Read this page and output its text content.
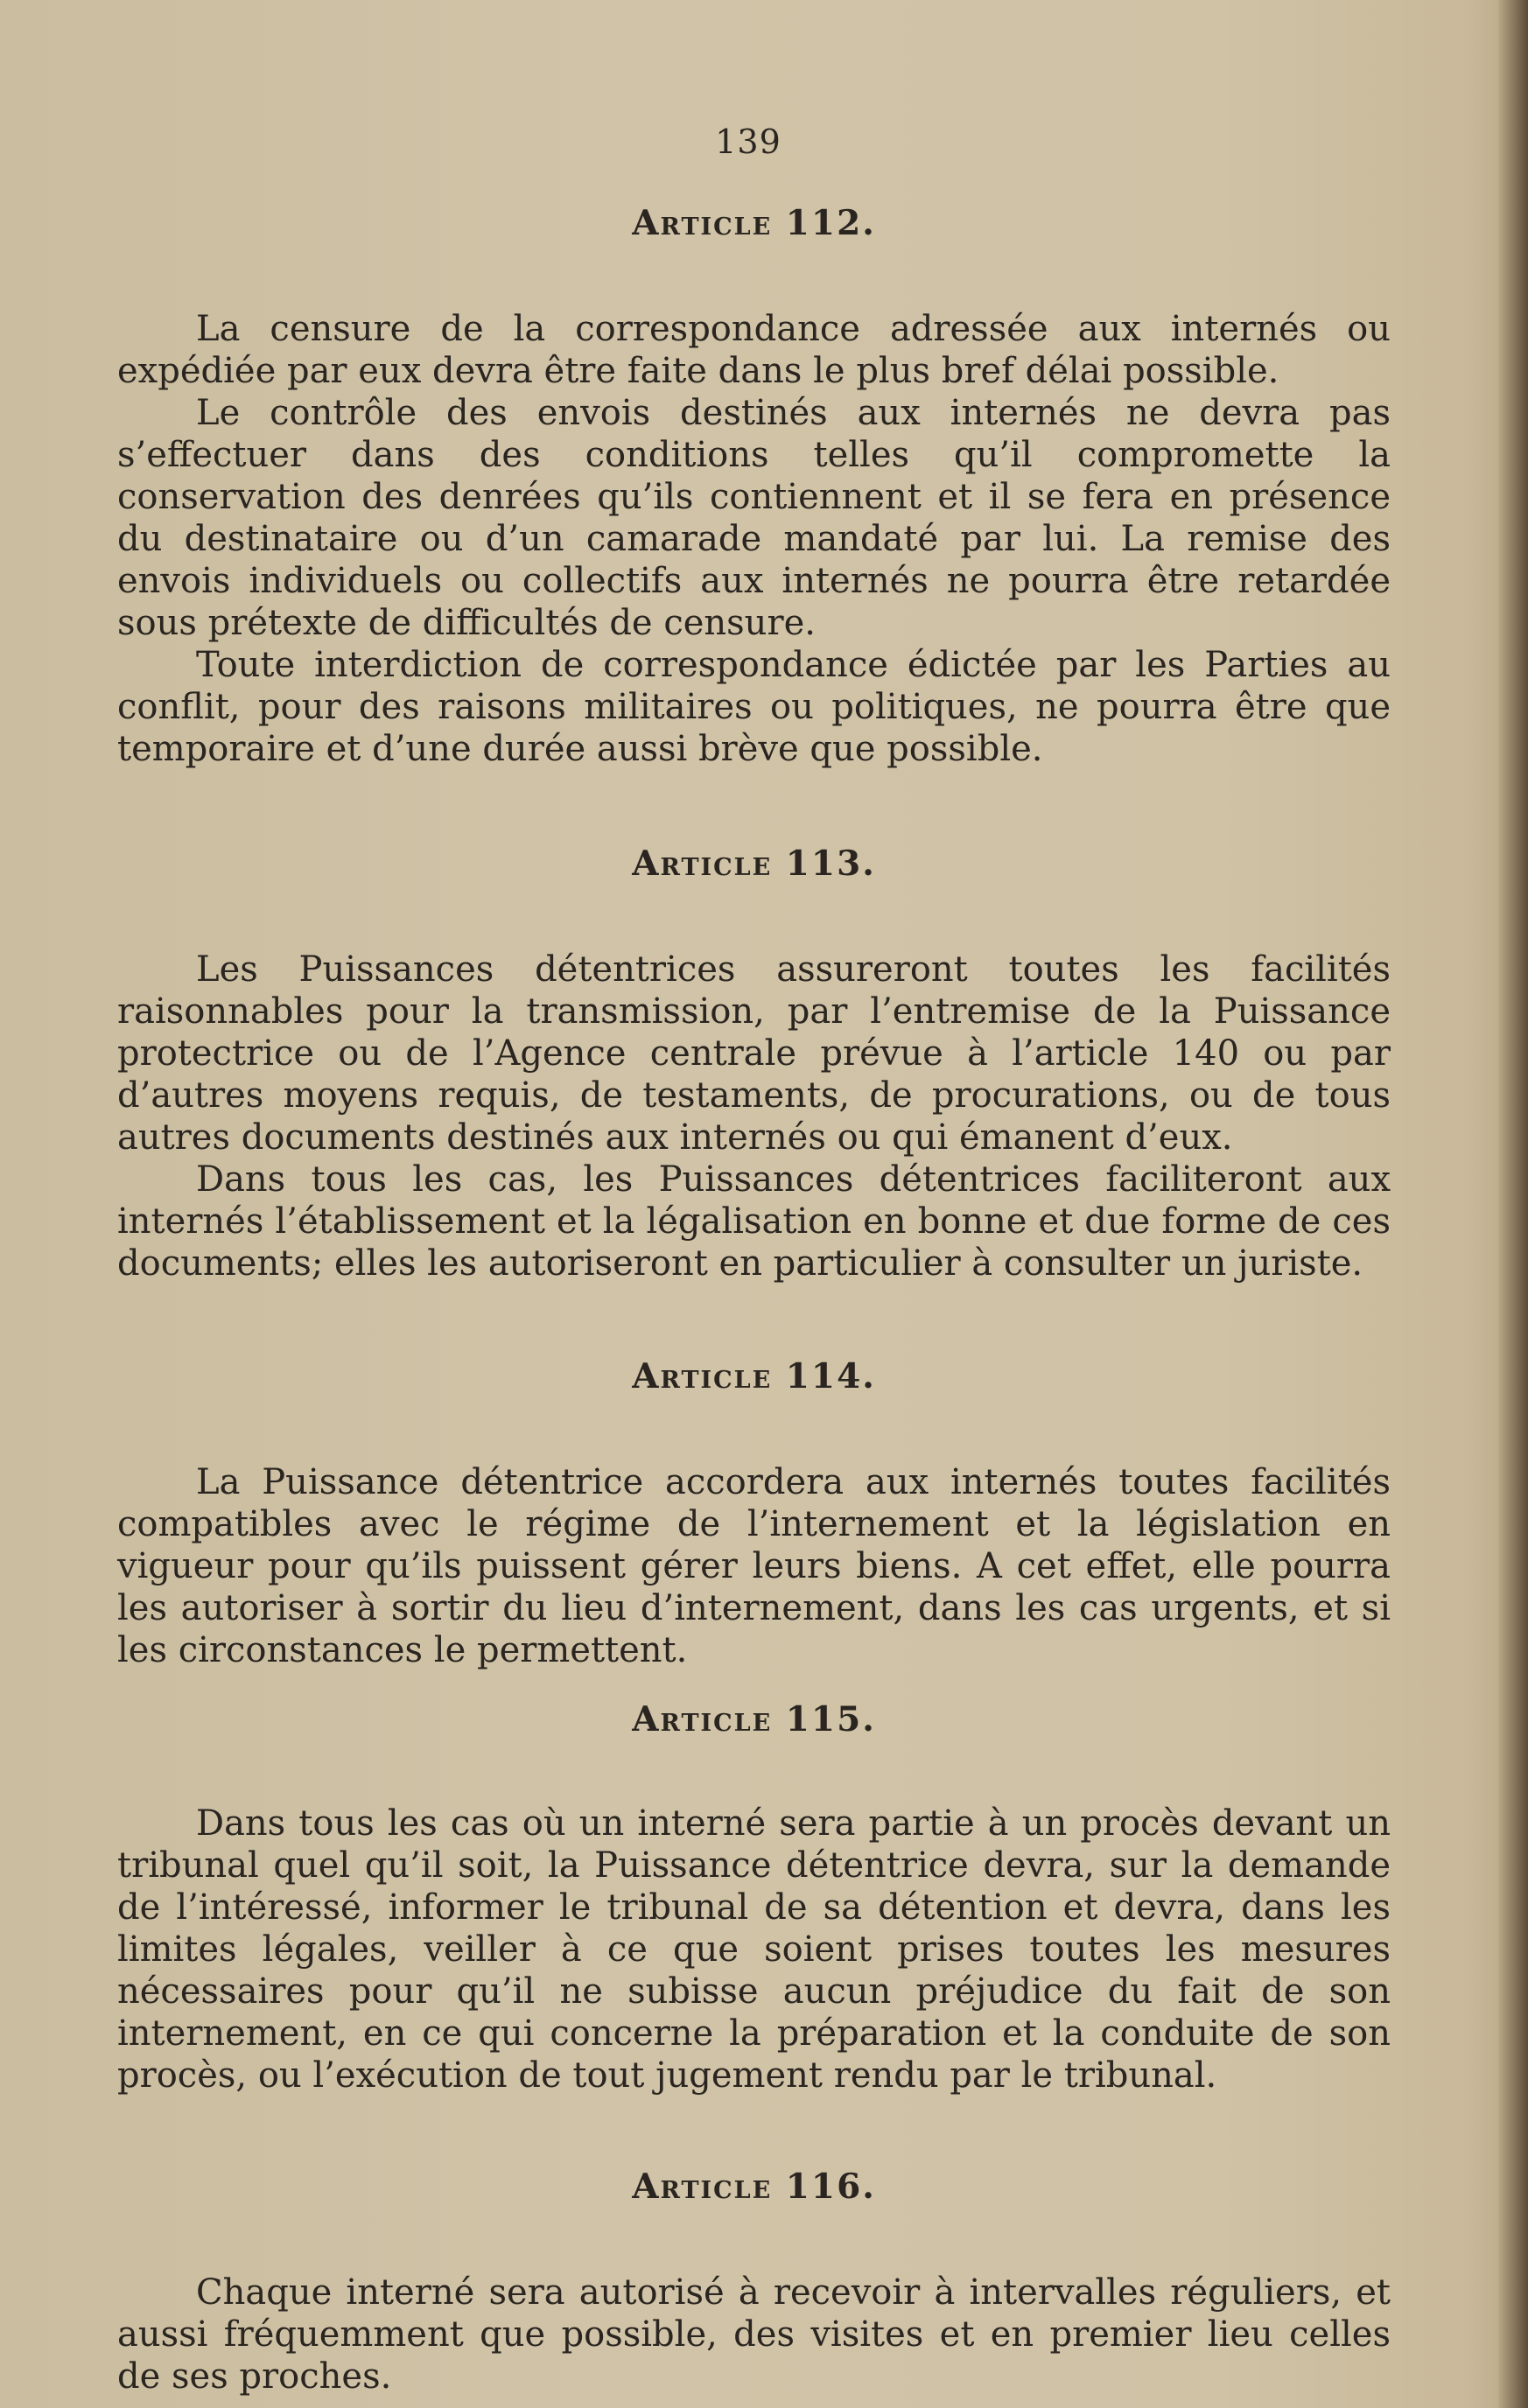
139
Article 112.

La censure de la correspondance adressée aux internés ou expédiée par eux devra être faite dans le plus bref délai possible.

Le contrôle des envois destinés aux internés ne devra pas s’effectuer dans des conditions telles qu’il compromette la conservation des denrées qu’ils contiennent et il se fera en présence du destinataire ou d’un camarade mandaté par lui. La remise des envois individuels ou collectifs aux internés ne pourra être retardée sous prétexte de difficultés de censure.

Toute interdiction de correspondance édictée par les Parties au conflit, pour des raisons militaires ou politiques, ne pourra être que temporaire et d’une durée aussi brève que possible.

Article 113.

Les Puissances détentrices assureront toutes les facilités raisonnables pour la transmission, par l’entremise de la Puissance protectrice ou de l’Agence centrale prévue à l’article 140 ou par d’autres moyens requis, de testaments, de procurations, ou de tous autres documents destinés aux internés ou qui émanent d’eux.

Dans tous les cas, les Puissances détentrices faciliteront aux internés l’établissement et la légalisation en bonne et due forme de ces documents; elles les autoriseront en particulier à consulter un juriste.

Article 114.

La Puissance détentrice accordera aux internés toutes facilités compatibles avec le régime de l’internement et la législation en vigueur pour qu’ils puissent gérer leurs biens. A cet effet, elle pourra les autoriser à sortir du lieu d’internement, dans les cas urgents, et si les circonstances le permettent.

Article 115.

Dans tous les cas où un interné sera partie à un procès devant un tribunal quel qu’il soit, la Puissance détentrice devra, sur la demande de l’intéressé, informer le tribunal de sa détention et devra, dans les limites légales, veiller à ce que soient prises toutes les mesures nécessaires pour qu’il ne subisse aucun préjudice du fait de son internement, en ce qui concerne la préparation et la conduite de son procès, ou l’exécution de tout jugement rendu par le tribunal.

Article 116.

Chaque interné sera autorisé à recevoir à intervalles réguliers, et aussi fréquemment que possible, des visites et en premier lieu celles de ses proches.
